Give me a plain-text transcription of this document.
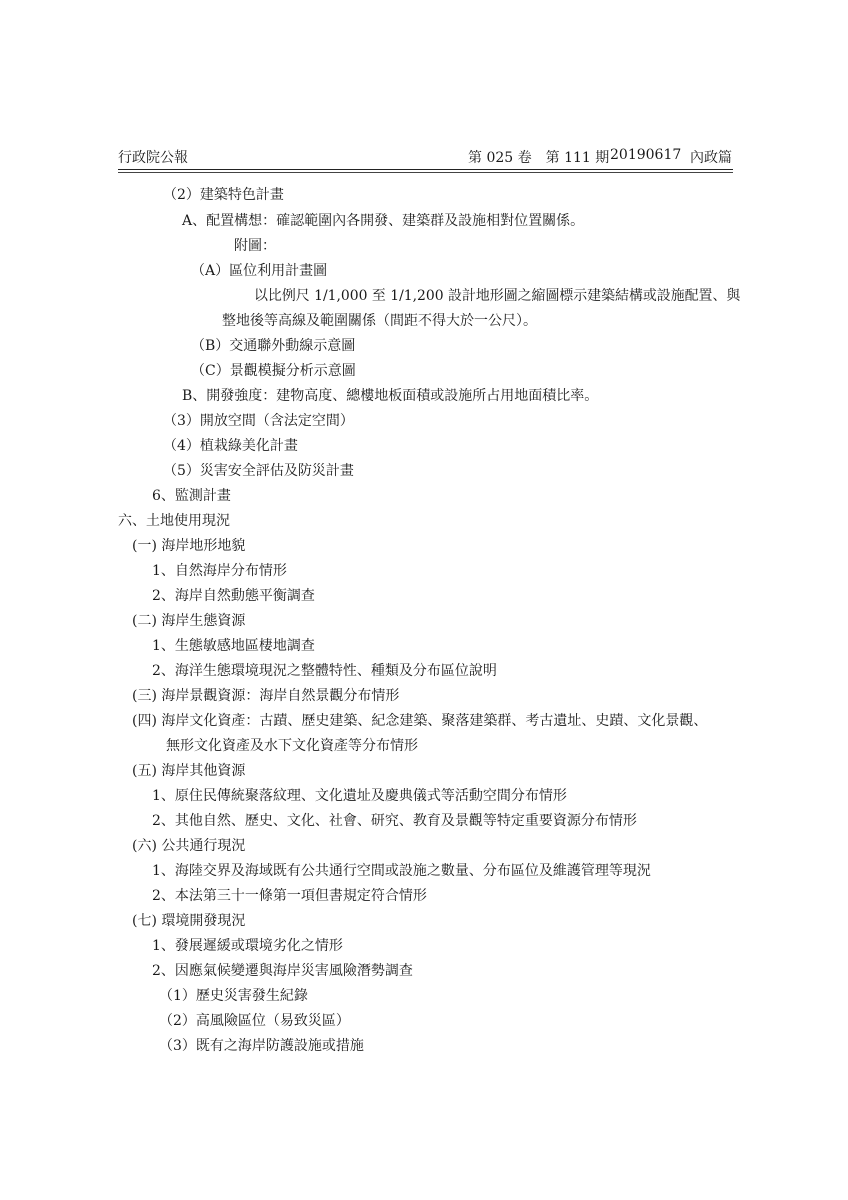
行政院公報	第 025 卷　第 111 期 20190617 內政篇
（2）建築特色計畫
A、配置構想：確認範圍內各開發、建築群及設施相對位置關係。
附圖：
（A）區位利用計畫圖
以比例尺 1/1,000 至 1/1,200 設計地形圖之縮圖標示建築結構或設施配置、與
整地後等高線及範圍關係（間距不得大於一公尺）。
（B）交通聯外動線示意圖
（C）景觀模擬分析示意圖
B、開發強度：建物高度、總樓地板面積或設施所占用地面積比率。
（3）開放空間（含法定空間）
（4）植栽綠美化計畫
（5）災害安全評估及防災計畫
6、監測計畫
六、土地使用現況
(一) 海岸地形地貌
1、自然海岸分布情形
2、海岸自然動態平衡調查
(二) 海岸生態資源
1、生態敏感地區棲地調查
2、海洋生態環境現況之整體特性、種類及分布區位說明
(三) 海岸景觀資源：海岸自然景觀分布情形
(四) 海岸文化資產：古蹟、歷史建築、紀念建築、聚落建築群、考古遺址、史蹟、文化景觀、
無形文化資產及水下文化資產等分布情形
(五) 海岸其他資源
1、原住民傳統聚落紋理、文化遺址及慶典儀式等活動空間分布情形
2、其他自然、歷史、文化、社會、研究、教育及景觀等特定重要資源分布情形
(六) 公共通行現況
1、海陸交界及海域既有公共通行空間或設施之數量、分布區位及維護管理等現況
2、本法第三十一條第一項但書規定符合情形
(七) 環境開發現況
1、發展遲緩或環境劣化之情形
2、因應氣候變遷與海岸災害風險潛勢調查
（1）歷史災害發生紀錄
（2）高風險區位（易致災區）
（3）既有之海岸防護設施或措施
